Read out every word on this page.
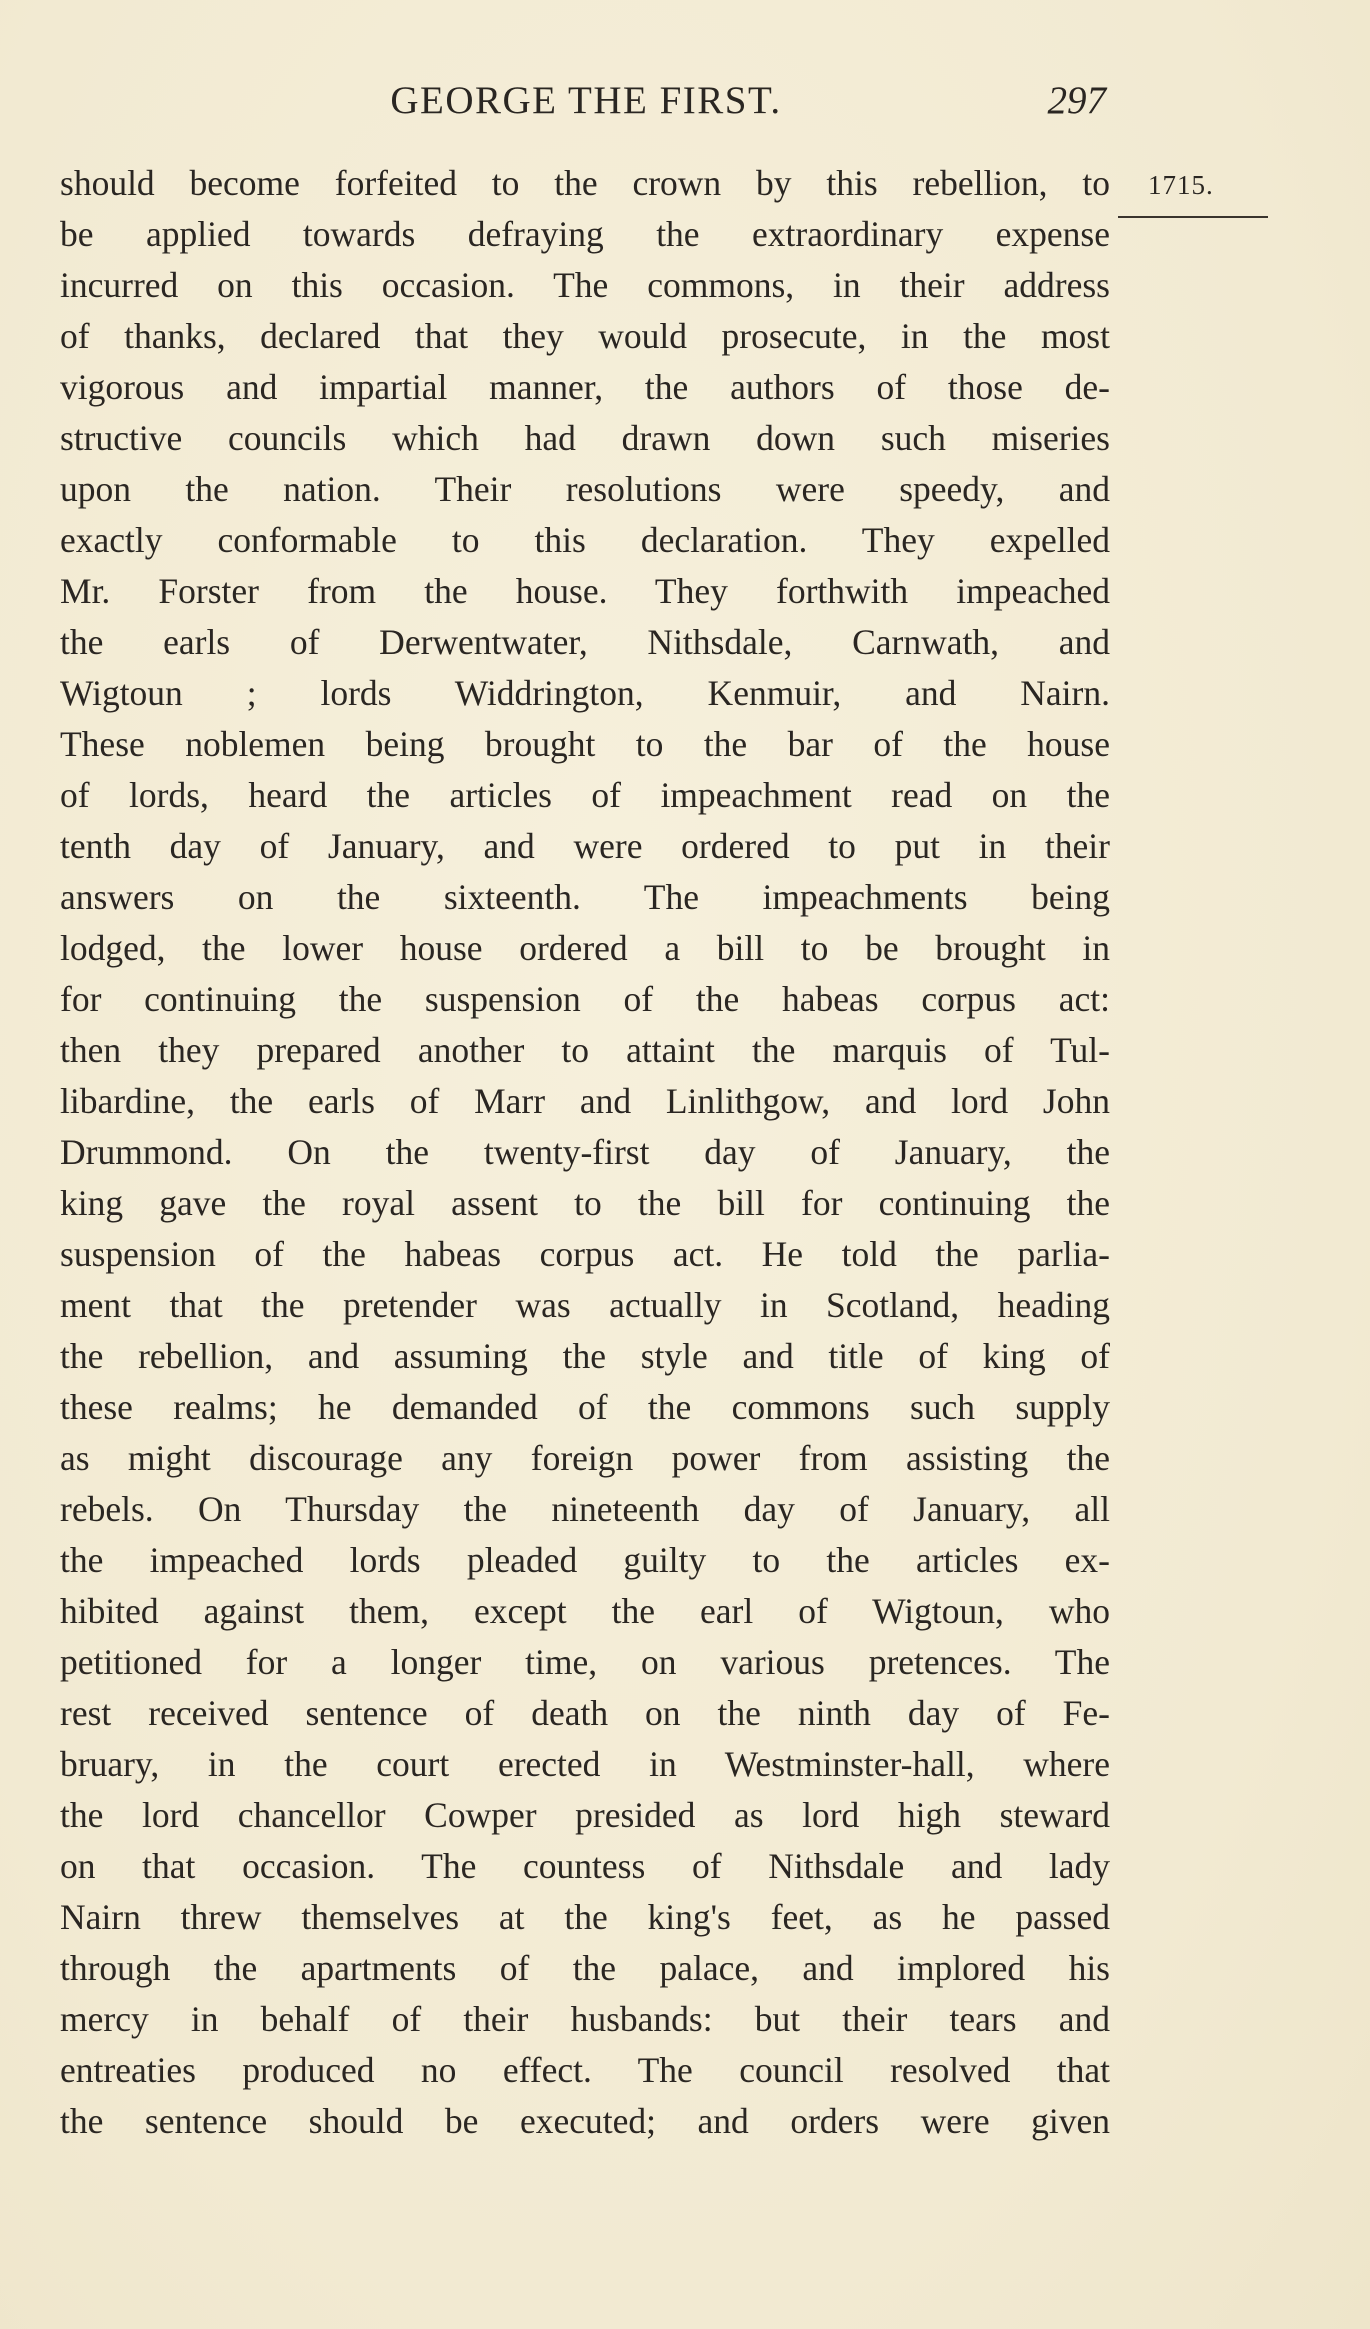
GEORGE THE FIRST.	297
1715.
should become forfeited to the crown by this rebellion, to
be applied towards defraying the extraordinary expense
incurred on this occasion. The commons, in their address
of thanks, declared that they would prosecute, in the most
vigorous and impartial manner, the authors of those de-
structive councils which had drawn down such miseries
upon the nation. Their resolutions were speedy, and
exactly conformable to this declaration. They expelled
Mr. Forster from the house. They forthwith impeached
the earls of Derwentwater, Nithsdale, Carnwath, and
Wigtoun ; lords Widdrington, Kenmuir, and Nairn.
These noblemen being brought to the bar of the house
of lords, heard the articles of impeachment read on the
tenth day of January, and were ordered to put in their
answers on the sixteenth. The impeachments being
lodged, the lower house ordered a bill to be brought in
for continuing the suspension of the habeas corpus act:
then they prepared another to attaint the marquis of Tul-
libardine, the earls of Marr and Linlithgow, and lord John
Drummond. On the twenty-first day of January, the
king gave the royal assent to the bill for continuing the
suspension of the habeas corpus act. He told the parlia-
ment that the pretender was actually in Scotland, heading
the rebellion, and assuming the style and title of king of
these realms; he demanded of the commons such supply
as might discourage any foreign power from assisting the
rebels. On Thursday the nineteenth day of January, all
the impeached lords pleaded guilty to the articles ex-
hibited against them, except the earl of Wigtoun, who
petitioned for a longer time, on various pretences. The
rest received sentence of death on the ninth day of Fe-
bruary, in the court erected in Westminster-hall, where
the lord chancellor Cowper presided as lord high steward
on that occasion. The countess of Nithsdale and lady
Nairn threw themselves at the king's feet, as he passed
through the apartments of the palace, and implored his
mercy in behalf of their husbands: but their tears and
entreaties produced no effect. The council resolved that
the sentence should be executed; and orders were given
